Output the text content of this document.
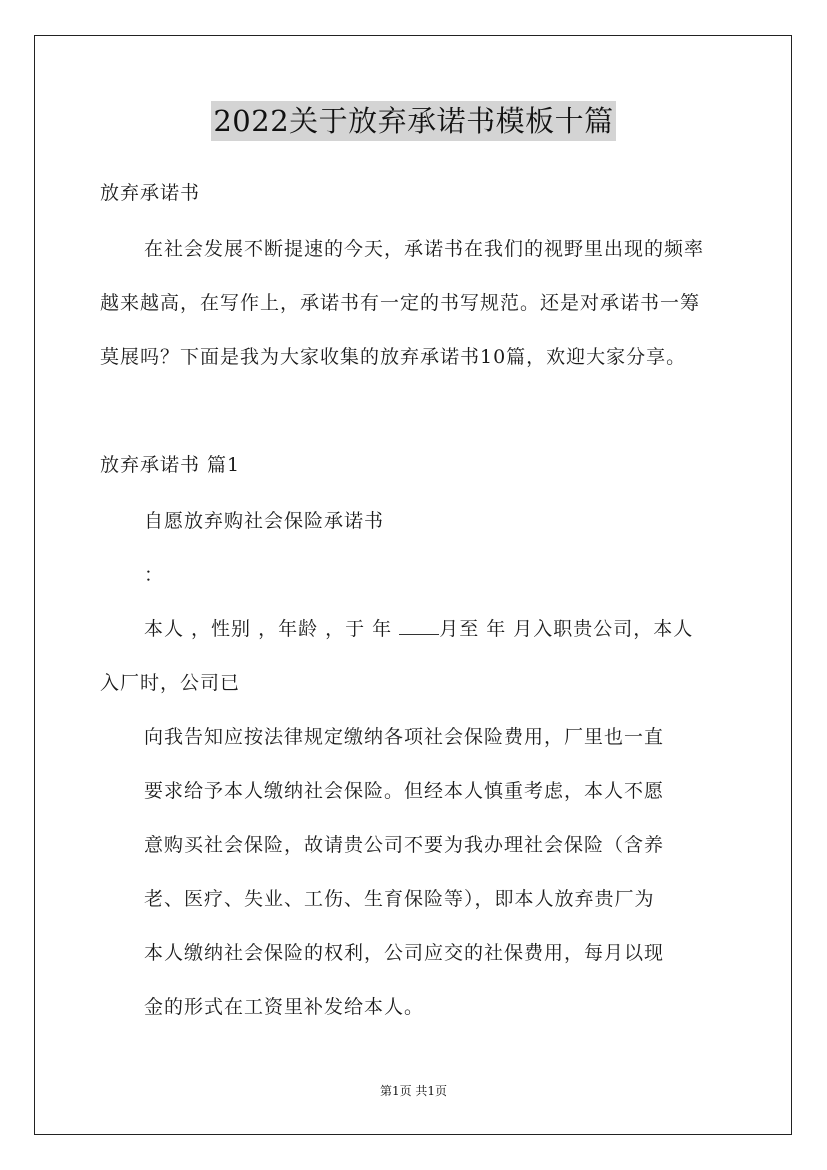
2022关于放弃承诺书模板十篇
放弃承诺书
在社会发展不断提速的今天，承诺书在我们的视野里出现的频率
越来越高，在写作上，承诺书有一定的书写规范。还是对承诺书一筹
莫展吗？下面是我为大家收集的放弃承诺书10篇，欢迎大家分享。
放弃承诺书 篇1
自愿放弃购社会保险承诺书
：
本人 ，性别 ，年龄 ，于 年 月至 年 月入职贵公司，本人
入厂时，公司已
向我告知应按法律规定缴纳各项社会保险费用，厂里也一直
要求给予本人缴纳社会保险。但经本人慎重考虑，本人不愿
意购买社会保险，故请贵公司不要为我办理社会保险（含养
老、医疗、失业、工伤、生育保险等），即本人放弃贵厂为
本人缴纳社会保险的权利，公司应交的社保费用，每月以现
金的形式在工资里补发给本人。
第1页 共1页
